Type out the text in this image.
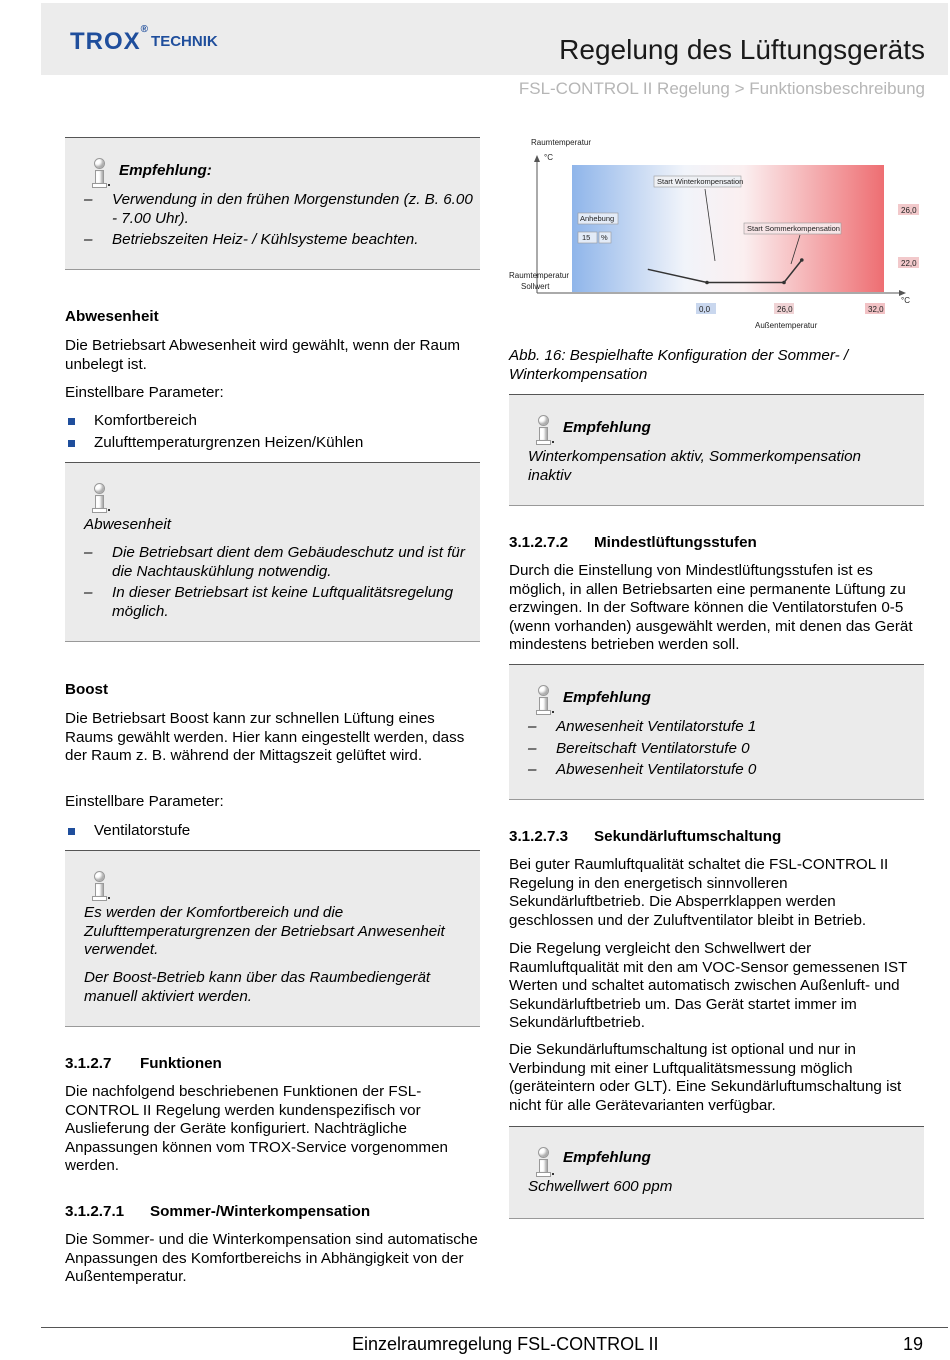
TROX®TECHNIK	Regelung des Lüftungsgeräts
FSL-CONTROL II Regelung > Funktionsbeschreibung
Empfehlung:
– Verwendung in den frühen Morgenstunden (z. B. 6.00 - 7.00 Uhr).
– Betriebszeiten Heiz- / Kühlsysteme beachten.
Abwesenheit
Die Betriebsart Abwesenheit wird gewählt, wenn der Raum unbelegt ist.
Einstellbare Parameter:
Komfortbereich
Zulufttemperaturgrenzen Heizen/Kühlen
Abwesenheit
– Die Betriebsart dient dem Gebäudeschutz und ist für die Nachtauskühlung notwendig.
– In dieser Betriebsart ist keine Luftqualitätsregelung möglich.
Boost
Die Betriebsart Boost kann zur schnellen Lüftung eines Raums gewählt werden. Hier kann eingestellt werden, dass der Raum z. B. während der Mittagszeit gelüftet wird.
Einstellbare Parameter:
Ventilatorstufe
Es werden der Komfortbereich und die Zulufttemperaturgrenzen der Betriebsart Anwesenheit verwendet.
Der Boost-Betrieb kann über das Raumbediengerät manuell aktiviert werden.
3.1.2.7 Funktionen
Die nachfolgend beschriebenen Funktionen der FSL-CONTROL II Regelung werden kundenspezifisch vor Auslieferung der Geräte konfiguriert. Nachträgliche Anpassungen können vom TROX-Service vorgenommen werden.
3.1.2.7.1 Sommer-/Winterkompensation
Die Sommer- und die Winterkompensation sind automatische Anpassungen des Komfortbereichs in Abhängigkeit von der Außentemperatur.
Raumtemperatur
°C
Raumtemperatur
Sollwert
Start Winterkompensation
Start Sommerkompensation
Anhebung
15 %
26,0
22,0
0,0	26,0	32,0
°C
Außentemperatur
Abb. 16: Bespielhafte Konfiguration der Sommer- / Winterkompensation
Empfehlung
Winterkompensation aktiv, Sommerkompensation inaktiv
3.1.2.7.2 Mindestlüftungsstufen
Durch die Einstellung von Mindestlüftungsstufen ist es möglich, in allen Betriebsarten eine permanente Lüftung zu erzwingen. In der Software können die Ventilatorstufen 0-5 (wenn vorhanden) ausgewählt werden, mit denen das Gerät mindestens betrieben werden soll.
Empfehlung
– Anwesenheit Ventilatorstufe 1
– Bereitschaft Ventilatorstufe 0
– Abwesenheit Ventilatorstufe 0
3.1.2.7.3 Sekundärluftumschaltung
Bei guter Raumluftqualität schaltet die FSL-CONTROL II Regelung in den energetisch sinnvolleren Sekundärluftbetrieb. Die Absperrklappen werden geschlossen und der Zuluftventilator bleibt in Betrieb.
Die Regelung vergleicht den Schwellwert der Raumluftqualität mit den am VOC-Sensor gemessenen IST Werten und schaltet automatisch zwischen Außenluft- und Sekundärluftbetrieb um. Das Gerät startet immer im Sekundärluftbetrieb.
Die Sekundärluftumschaltung ist optional und nur in Verbindung mit einer Luftqualitätsmessung möglich (geräteintern oder GLT). Eine Sekundärluftumschaltung ist nicht für alle Gerätevarianten verfügbar.
Empfehlung
Schwellwert 600 ppm
Einzelraumregelung FSL-CONTROL II	19
